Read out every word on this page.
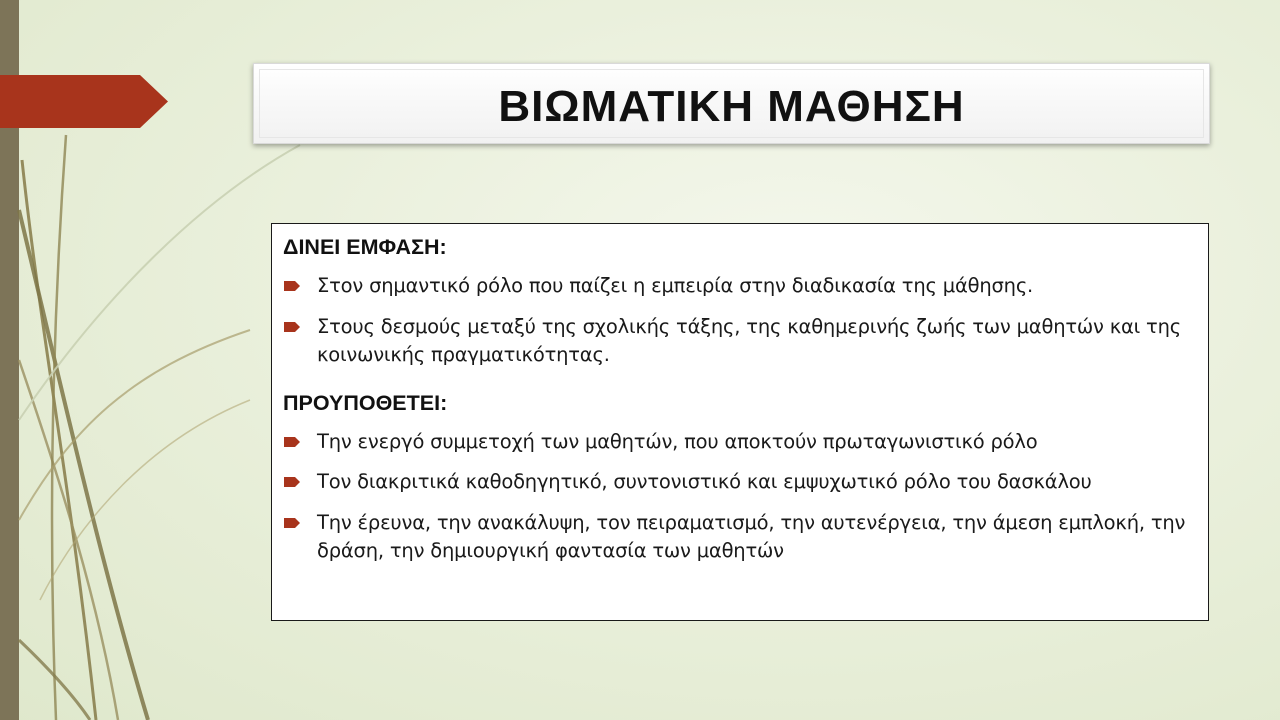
ΒΙΩΜΑΤΙΚΗ ΜΑΘΗΣΗ

ΔΙΝΕΙ ΕΜΦΑΣΗ:

Στον σημαντικό ρόλο που παίζει η εμπειρία στην διαδικασία της μάθησης.
Στους δεσμούς μεταξύ της σχολικής τάξης, της καθημερινής ζωής των μαθητών και της κοινωνικής πραγματικότητας.

ΠΡΟΥΠΟΘΕΤΕΙ:

Την ενεργό συμμετοχή των μαθητών, που αποκτούν πρωταγωνιστικό ρόλο
Τον διακριτικά καθοδηγητικό, συντονιστικό και εμψυχωτικό ρόλο του δασκάλου
Την έρευνα, την ανακάλυψη, τον πειραματισμό, την αυτενέργεια, την άμεση εμπλοκή, την δράση, την δημιουργική φαντασία των μαθητών
